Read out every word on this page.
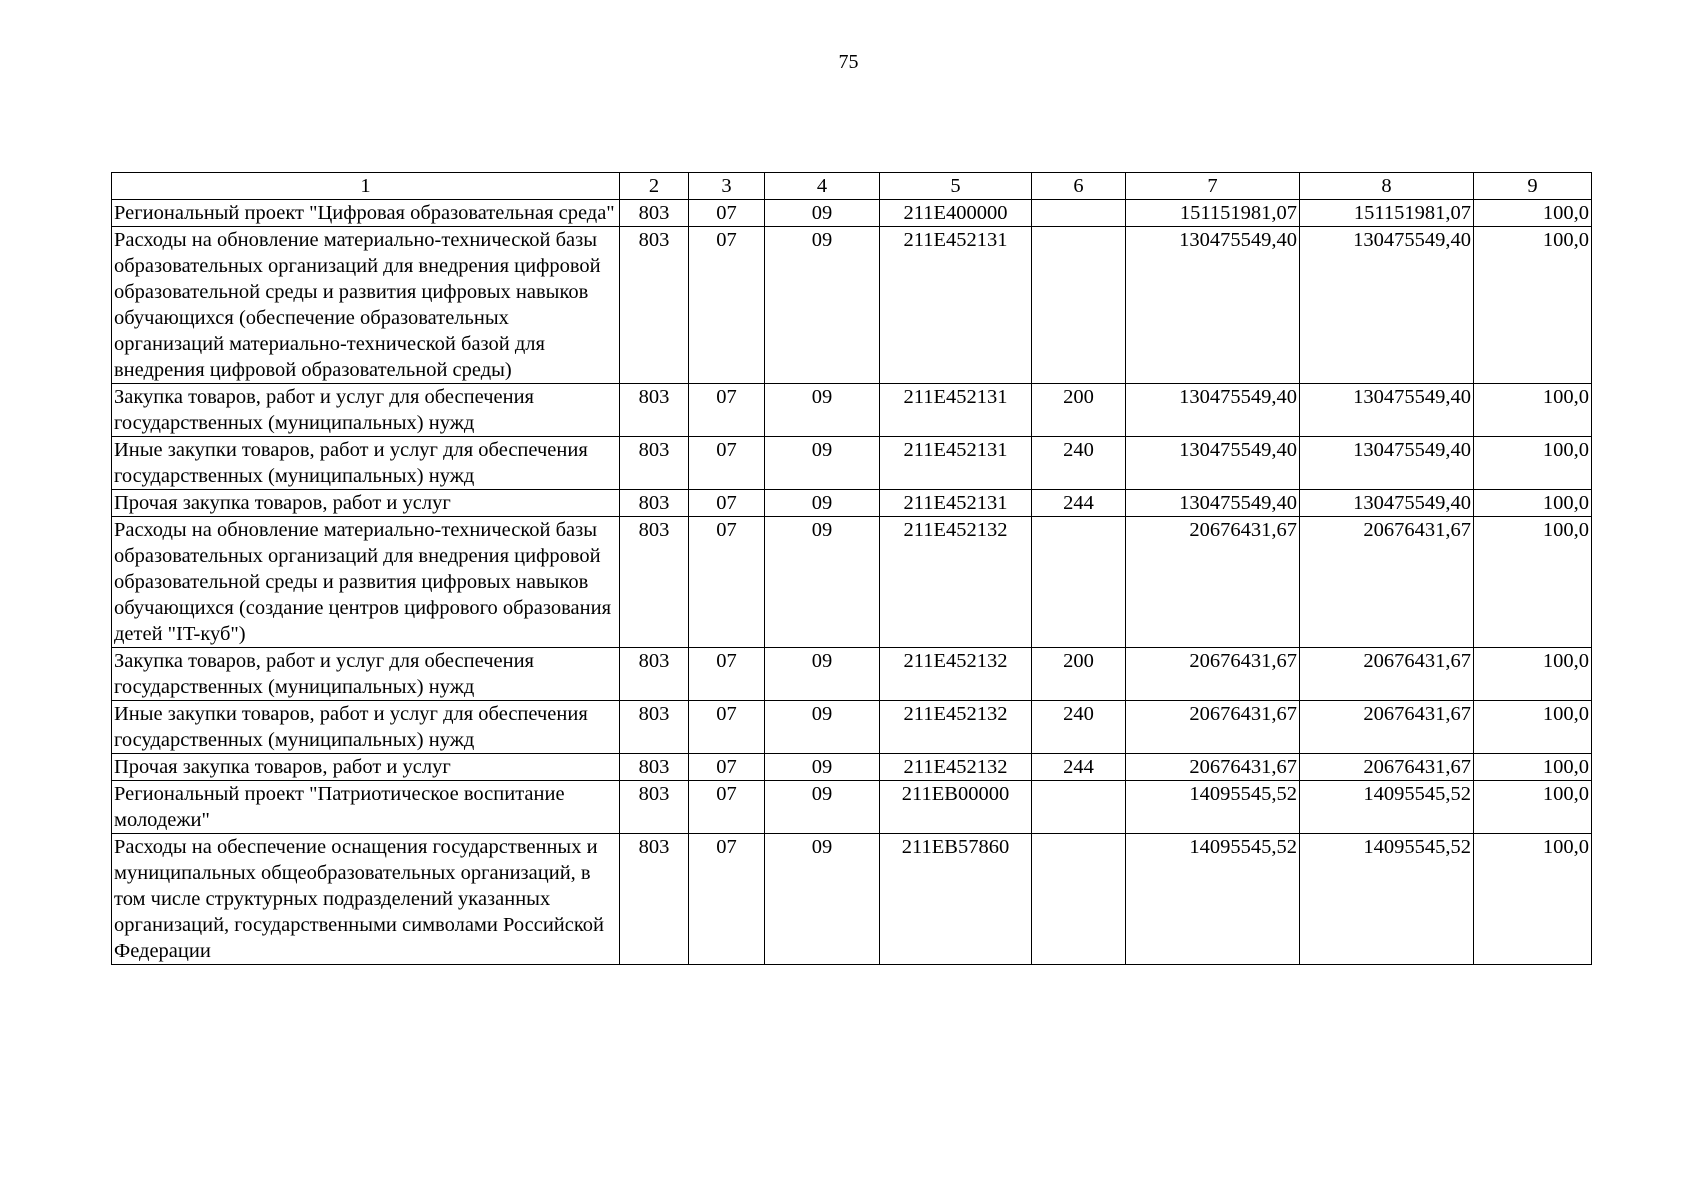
75
1	2	3	4	5	6	7	8	9
Региональный проект "Цифровая образовательная среда"	803	07	09	211E400000		151151981,07	151151981,07	100,0
Расходы на обновление материально-технической базы образовательных организаций для внедрения цифровой образовательной среды и развития цифровых навыков обучающихся (обеспечение образовательных организаций материально-технической базой для внедрения цифровой образовательной среды)	803	07	09	211E452131		130475549,40	130475549,40	100,0
Закупка товаров, работ и услуг для обеспечения государственных (муниципальных) нужд	803	07	09	211E452131	200	130475549,40	130475549,40	100,0
Иные закупки товаров, работ и услуг для обеспечения государственных (муниципальных) нужд	803	07	09	211E452131	240	130475549,40	130475549,40	100,0
Прочая закупка товаров, работ и услуг	803	07	09	211E452131	244	130475549,40	130475549,40	100,0
Расходы на обновление материально-технической базы образовательных организаций для внедрения цифровой образовательной среды и развития цифровых навыков обучающихся (создание центров цифрового образования детей "IT-куб")	803	07	09	211E452132		20676431,67	20676431,67	100,0
Закупка товаров, работ и услуг для обеспечения государственных (муниципальных) нужд	803	07	09	211E452132	200	20676431,67	20676431,67	100,0
Иные закупки товаров, работ и услуг для обеспечения государственных (муниципальных) нужд	803	07	09	211E452132	240	20676431,67	20676431,67	100,0
Прочая закупка товаров, работ и услуг	803	07	09	211E452132	244	20676431,67	20676431,67	100,0
Региональный проект "Патриотическое воспитание молодежи"	803	07	09	211EB00000		14095545,52	14095545,52	100,0
Расходы на обеспечение оснащения государственных и муниципальных общеобразовательных организаций, в том числе структурных подразделений указанных организаций, государственными символами Российской Федерации	803	07	09	211EB57860		14095545,52	14095545,52	100,0
